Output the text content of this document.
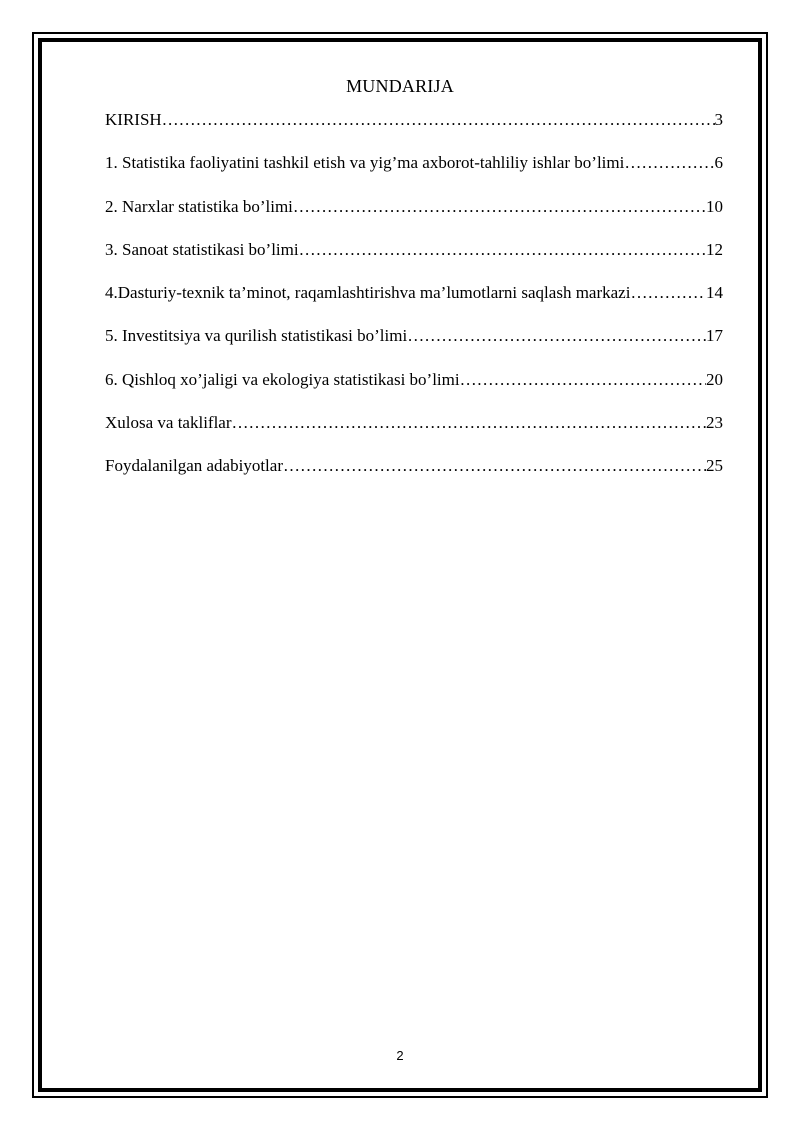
MUNDARIJA
KIRISH ………………………………………………………………………………………………………………………………………………………	3
1. Statistika faoliyatini tashkil etish va yig’ma axborot-tahliliy ishlar bo’limi ………………………………………………………………………………………………………………………………………………………	6
2. Narxlar statistika bo’limi ………………………………………………………………………………………………………………………………………………………	10
3. Sanoat statistikasi bo’limi ………………………………………………………………………………………………………………………………………………………	12
4.Dasturiy-texnik ta’minot, raqamlashtirishva ma’lumotlarni saqlash markazi ………………………………………………………………………………………………………………………………………………………	14
5. Investitsiya va qurilish statistikasi bo’limi ………………………………………………………………………………………………………………………………………………………	17
6. Qishloq xo’jaligi va ekologiya statistikasi bo’limi ………………………………………………………………………………………………………………………………………………………	20
Xulosa va takliflar ………………………………………………………………………………………………………………………………………………………	23
Foydalanilgan adabiyotlar ………………………………………………………………………………………………………………………………………………………	25
2
